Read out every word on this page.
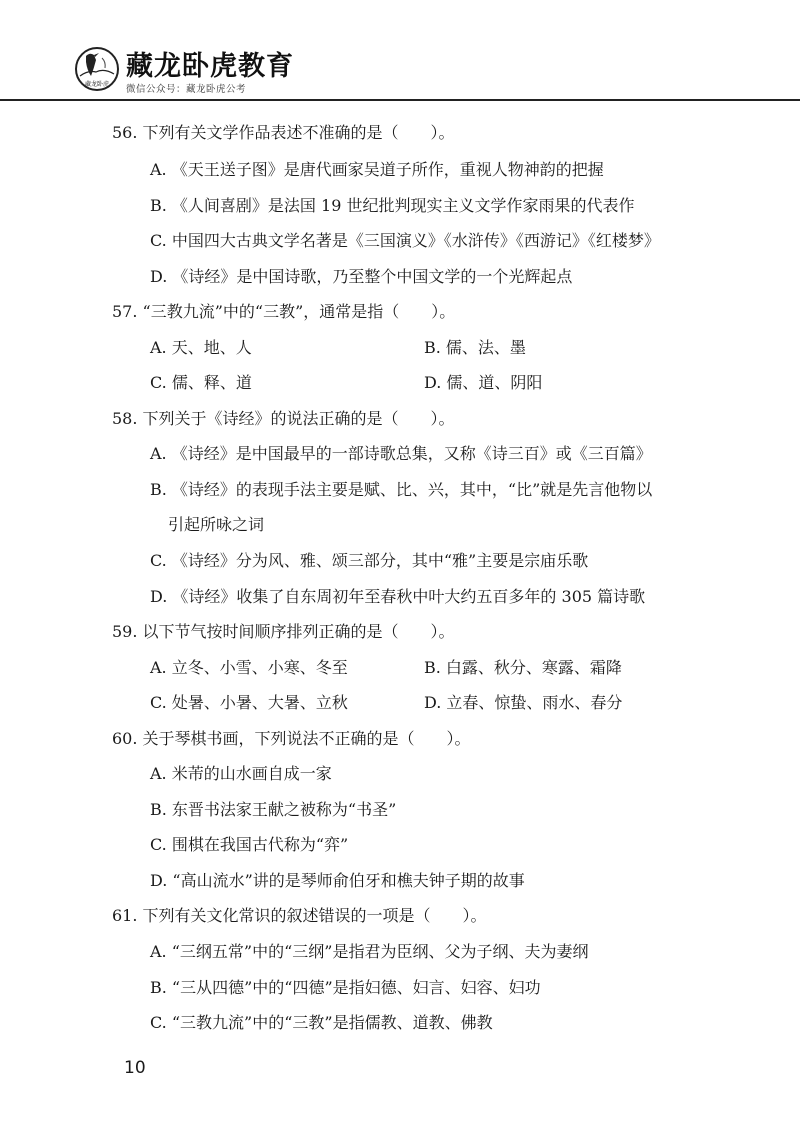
藏龙卧虎
藏龙卧虎教育
微信公众号：藏龙卧虎公考
56. 下列有关文学作品表述不准确的是（　　）。
A. 《天王送子图》是唐代画家吴道子所作，重视人物神韵的把握
B. 《人间喜剧》是法国 19 世纪批判现实主义文学作家雨果的代表作
C. 中国四大古典文学名著是《三国演义》《水浒传》《西游记》《红楼梦》
D. 《诗经》是中国诗歌，乃至整个中国文学的一个光辉起点
57. “三教九流”中的“三教”，通常是指（　　）。
A. 天、地、人	B. 儒、法、墨
C. 儒、释、道	D. 儒、道、阴阳
58. 下列关于《诗经》的说法正确的是（　　）。
A. 《诗经》是中国最早的一部诗歌总集，又称《诗三百》或《三百篇》
B. 《诗经》的表现手法主要是赋、比、兴，其中，“比”就是先言他物以
引起所咏之词
C. 《诗经》分为风、雅、颂三部分，其中“雅”主要是宗庙乐歌
D. 《诗经》收集了自东周初年至春秋中叶大约五百多年的 305 篇诗歌
59. 以下节气按时间顺序排列正确的是（　　）。
A. 立冬、小雪、小寒、冬至	B. 白露、秋分、寒露、霜降
C. 处暑、小暑、大暑、立秋	D. 立春、惊蛰、雨水、春分
60. 关于琴棋书画，下列说法不正确的是（　　）。
A. 米芾的山水画自成一家
B. 东晋书法家王献之被称为“书圣”
C. 围棋在我国古代称为“弈”
D. “高山流水”讲的是琴师俞伯牙和樵夫钟子期的故事
61. 下列有关文化常识的叙述错误的一项是（　　）。
A. “三纲五常”中的“三纲”是指君为臣纲、父为子纲、夫为妻纲
B. “三从四德”中的“四德”是指妇德、妇言、妇容、妇功
C. “三教九流”中的“三教”是指儒教、道教、佛教
10
